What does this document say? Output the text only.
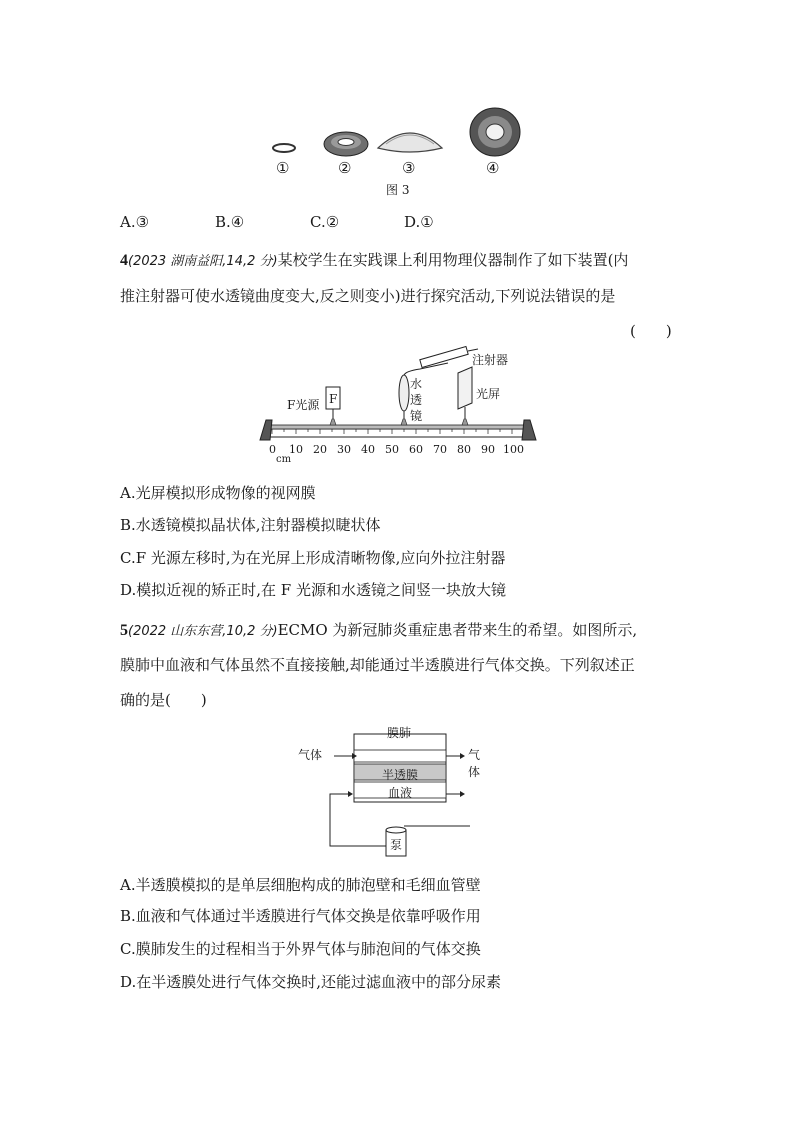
①	②	③	④
图 3
A.③	B.④	C.②	D.①
4(2023 湖南益阳,14,2 分)某校学生在实践课上利用物理仪器制作了如下装置(内
推注射器可使水透镜曲度变大,反之则变小)进行探究活动,下列说法错误的是
(　　)
注射器
水
透
镜
光屏
F光源 F
0 10 20 30 40 50 60 70 80 90 100
cm
A.光屏模拟形成物像的视网膜
B.水透镜模拟晶状体,注射器模拟睫状体
C.F 光源左移时,为在光屏上形成清晰物像,应向外拉注射器
D.模拟近视的矫正时,在 F 光源和水透镜之间竖一块放大镜
5(2022 山东东营,10,2 分)ECMO 为新冠肺炎重症患者带来生的希望。如图所示,
膜肺中血液和气体虽然不直接接触,却能通过半透膜进行气体交换。下列叙述正
确的是(　　)
膜肺
气体	气体
半透膜
血液
泵
A.半透膜模拟的是单层细胞构成的肺泡壁和毛细血管壁
B.血液和气体通过半透膜进行气体交换是依靠呼吸作用
C.膜肺发生的过程相当于外界气体与肺泡间的气体交换
D.在半透膜处进行气体交换时,还能过滤血液中的部分尿素
